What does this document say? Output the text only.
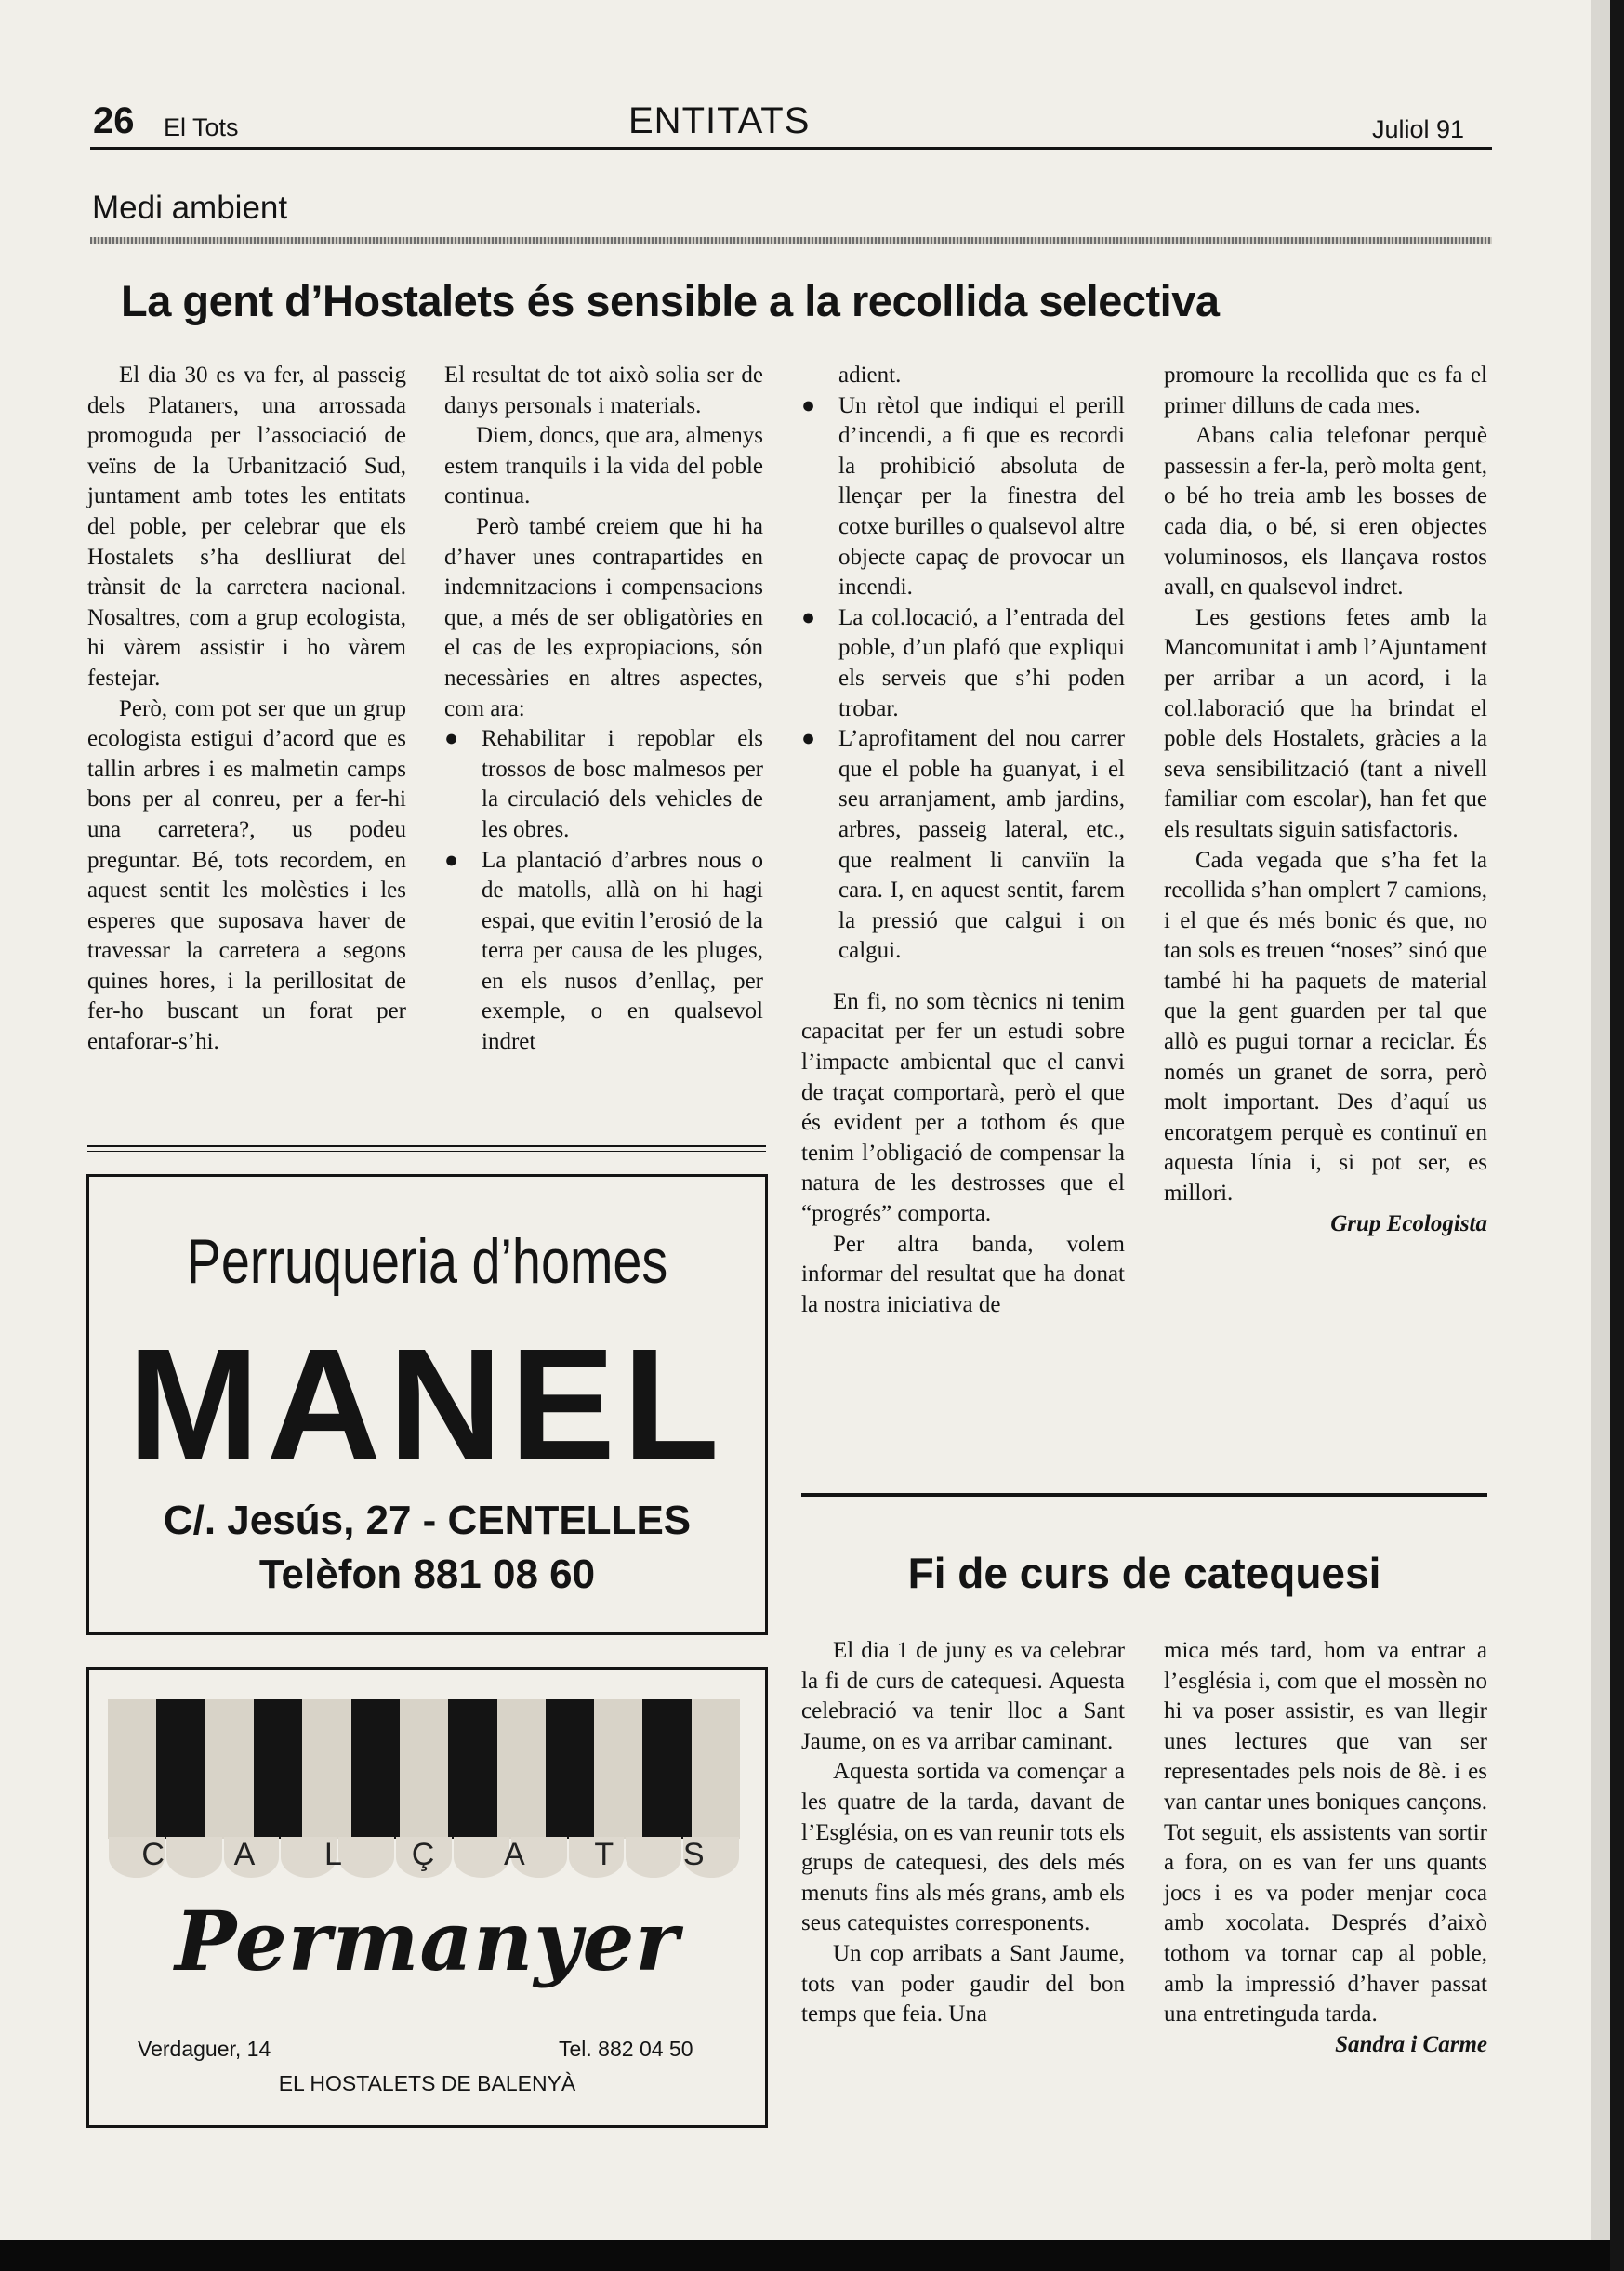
26 El Tots	ENTITATS	Juliol 91
Medi ambient
La gent d’Hostalets és sensible a la recollida selectiva

El dia 30 es va fer, al passeig dels Plataners, una arrossada promoguda per l’associació de veïns de la Urbanització Sud, juntament amb totes les entitats del poble, per celebrar que els Hostalets s’ha deslliurat del trànsit de la carretera nacional. Nosaltres, com a grup ecologista, hi vàrem assistir i ho vàrem festejar.

Però, com pot ser que un grup ecologista estigui d’acord que es tallin arbres i es malmetin camps bons per al conreu, per a fer-hi una carretera?, us podeu preguntar. Bé, tots recordem, en aquest sentit les molèsties i les esperes que suposava haver de travessar la carretera a segons quines hores, i la perillositat de fer-ho buscant un forat per entaforar-s’hi.

El resultat de tot això solia ser de danys personals i materials.

Diem, doncs, que ara, almenys estem tranquils i la vida del poble continua.

Però també creiem que hi ha d’haver unes contrapartides en indemnitzacions i compensacions que, a més de ser obligatòries en el cas de les expropiacions, són necessàries en altres aspectes, com ara:

● Rehabilitar i repoblar els trossos de bosc malmesos per la circulació dels vehicles de les obres.

● La plantació d’arbres nous o de matolls, allà on hi hagi espai, que evitin l’erosió de la terra per causa de les pluges, en els nusos d’enllaç, per exemple, o en qualsevol indret

adient.

● Un rètol que indiqui el perill d’incendi, a fi que es recordi la prohibició absoluta de llençar per la finestra del cotxe burilles o qualsevol altre objecte capaç de provocar un incendi.

● La col.locació, a l’entrada del poble, d’un plafó que expliqui els serveis que s’hi poden trobar.

● L’aprofitament del nou carrer que el poble ha guanyat, i el seu arranjament, amb jardins, arbres, passeig lateral, etc., que realment li canviïn la cara. I, en aquest sentit, farem la pressió que calgui i on calgui.

En fi, no som tècnics ni tenim capacitat per fer un estudi sobre l’impacte ambiental que el canvi de traçat comportarà, però el que és evident per a tothom és que tenim l’obligació de compensar la natura de les destrosses que el “progrés” comporta.

Per altra banda, volem informar del resultat que ha donat la nostra iniciativa de

promoure la recollida que es fa el primer dilluns de cada mes.

Abans calia telefonar perquè passessin a fer-la, però molta gent, o bé ho treia amb les bosses de cada dia, o bé, si eren objectes voluminosos, els llançava rostos avall, en qualsevol indret.

Les gestions fetes amb la Mancomunitat i amb l’Ajuntament per arribar a un acord, i la col.laboració que ha brindat el poble dels Hostalets, gràcies a la seva sensibilització (tant a nivell familiar com escolar), han fet que els resultats siguin satisfactoris.

Cada vegada que s’ha fet la recollida s’han omplert 7 camions, i el que és més bonic és que, no tan sols es treuen “noses” sinó que també hi ha paquets de material que la gent guarden per tal que allò es pugui tornar a reciclar. És només un granet de sorra, però molt important. Des d’aquí us encoratgem perquè es continuï en aquesta línia i, si pot ser, es millori.

Grup Ecologista

Perruqueria d’homes
MANEL
C/. Jesús, 27 - CENTELLES
Telèfon 881 08 60
C A L Ç A T S
Permanyer
Verdaguer, 14	Tel. 882 04 50
EL HOSTALETS DE BALENYÀ
Fi de curs de catequesi

El dia 1 de juny es va celebrar la fi de curs de catequesi. Aquesta celebració va tenir lloc a Sant Jaume, on es va arribar caminant.

Aquesta sortida va començar a les quatre de la tarda, davant de l’Església, on es van reunir tots els grups de catequesi, des dels més menuts fins als més grans, amb els seus catequistes corresponents.

Un cop arribats a Sant Jaume, tots van poder gaudir del bon temps que feia. Una

mica més tard, hom va entrar a l’església i, com que el mossèn no hi va poser assistir, es van llegir unes lectures que van ser representades pels nois de 8è. i es van cantar unes boniques cançons. Tot seguit, els assistents van sortir a fora, on es van fer uns quants jocs i es va poder menjar coca amb xocolata. Després d’això tothom va tornar cap al poble, amb la impressió d’haver passat una entretinguda tarda.

Sandra i Carme
